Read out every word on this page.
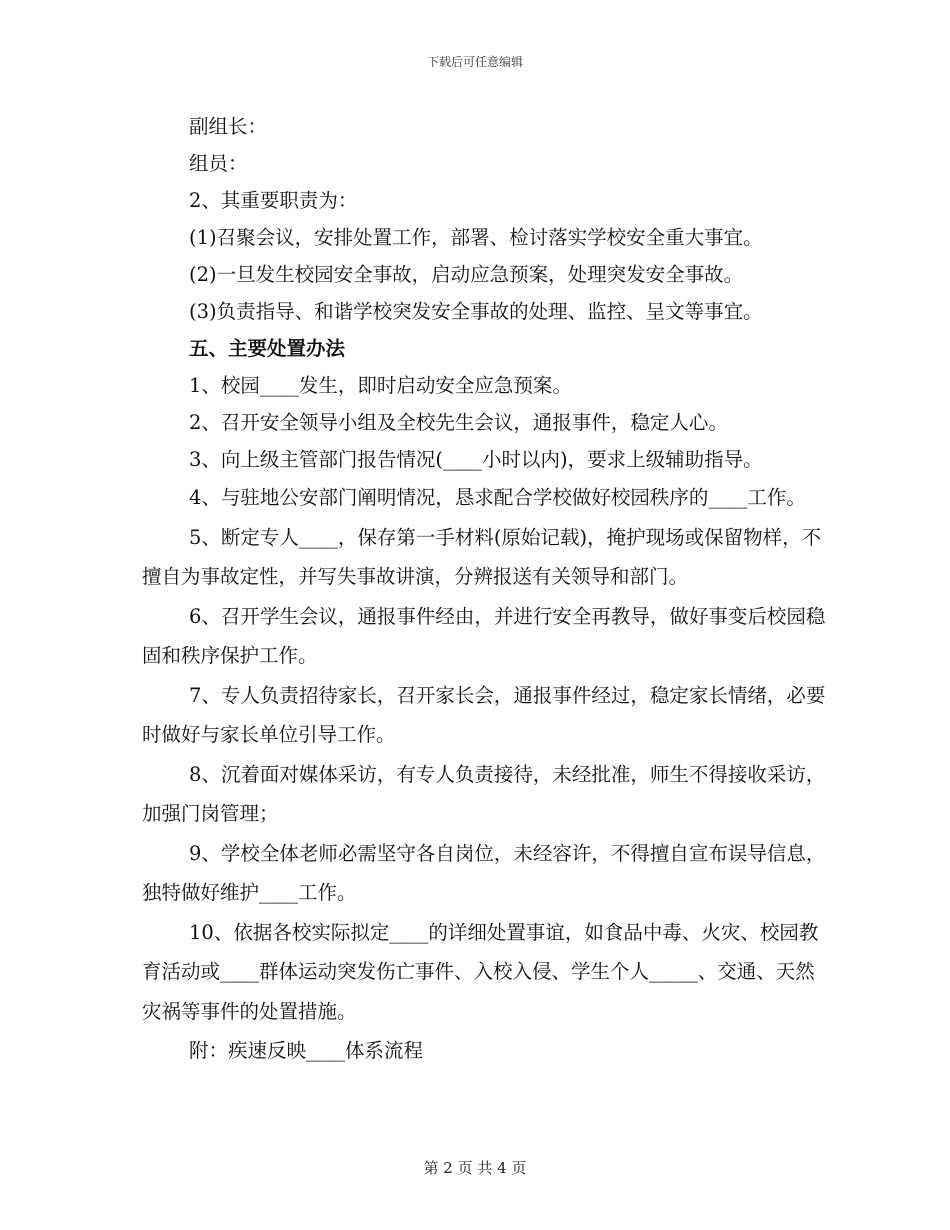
下载后可任意编辑
副组长：
组员：
2、其重要职责为：
(1)召聚会议，安排处置工作，部署、检讨落实学校安全重大事宜。
(2)一旦发生校园安全事故，启动应急预案，处理突发安全事故。
(3)负责指导、和谐学校突发安全事故的处理、监控、呈文等事宜。
五、主要处置办法
1、校园____发生，即时启动安全应急预案。
2、召开安全领导小组及全校先生会议，通报事件，稳定人心。
3、向上级主管部门报告情况(____小时以内)，要求上级辅助指导。
4、与驻地公安部门阐明情况，恳求配合学校做好校园秩序的____工作。
5、断定专人____，保存第一手材料(原始记载)，掩护现场或保留物样，不擅自为事故定性，并写失事故讲演，分辨报送有关领导和部门。
6、召开学生会议，通报事件经由，并进行安全再教导，做好事变后校园稳固和秩序保护工作。
7、专人负责招待家长，召开家长会，通报事件经过，稳定家长情绪，必要时做好与家长单位引导工作。
8、沉着面对媒体采访，有专人负责接待，未经批准，师生不得接收采访，加强门岗管理；
9、学校全体老师必需坚守各自岗位，未经容许，不得擅自宣布误导信息，独特做好维护____工作。
10、依据各校实际拟定____的详细处置事谊，如食品中毒、火灾、校园教育活动或____群体运动突发伤亡事件、入校入侵、学生个人_____、交通、天然灾祸等事件的处置措施。
附：疾速反映____体系流程
第 2 页 共 4 页
